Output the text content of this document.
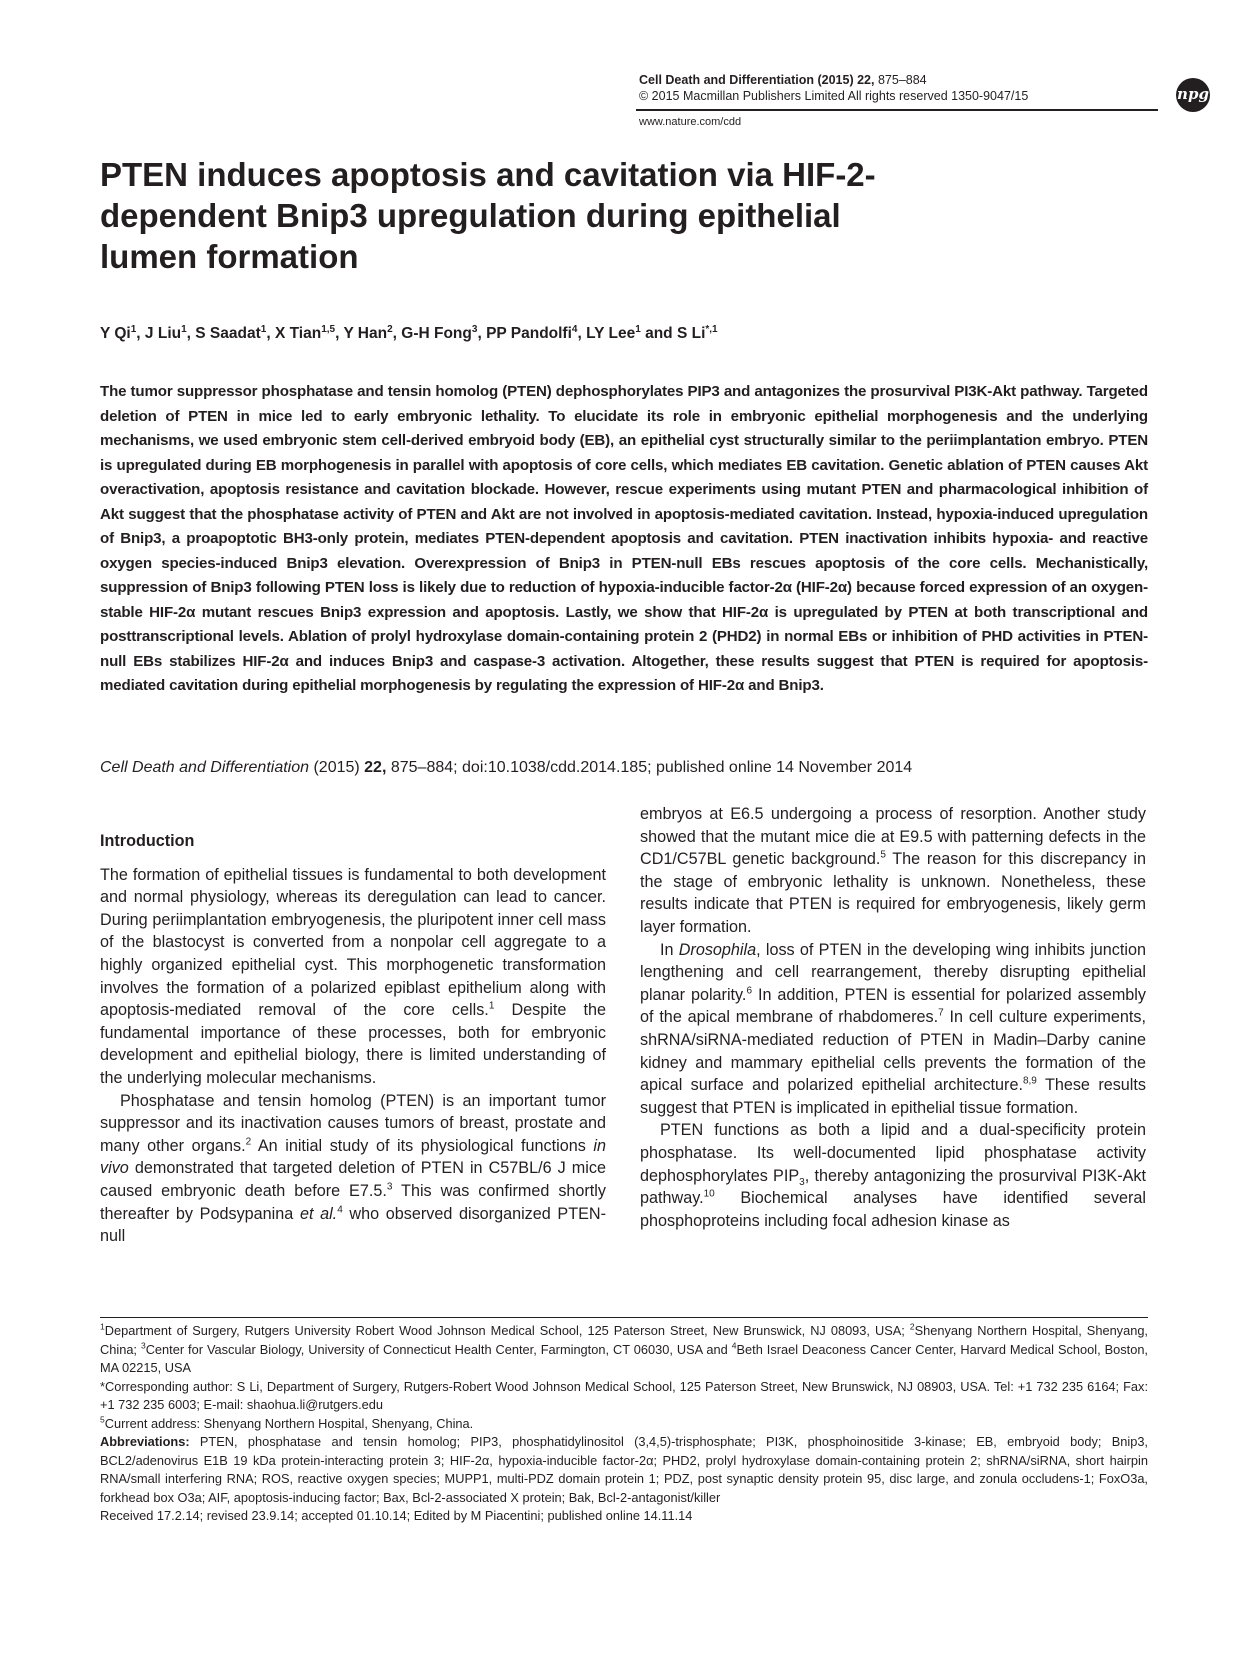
Cell Death and Differentiation (2015) 22, 875–884
© 2015 Macmillan Publishers Limited All rights reserved 1350-9047/15
www.nature.com/cdd
npg
PTEN induces apoptosis and cavitation via HIF-2-dependent Bnip3 upregulation during epithelial lumen formation
Y Qi$^1$, J Liu$^1$, S Saadat$^1$, X Tian$^{1,5}$, Y Han$^2$, G-H Fong$^3$, PP Pandolfi$^4$, LY Lee$^1$ and S $Li^{*,1}$

The tumor suppressor phosphatase and tensin homolog (PTEN) dephosphorylates PIP3 and antagonizes the prosurvival PI3K-Akt pathway. Targeted deletion of PTEN in mice led to early embryonic lethality. To elucidate its role in embryonic epithelial morphogenesis and the underlying mechanisms, we used embryonic stem cell-derived embryoid body (EB), an epithelial cyst structurally similar to the periimplantation embryo. PTEN is upregulated during EB morphogenesis in parallel with apoptosis of core cells, which mediates EB cavitation. Genetic ablation of PTEN causes Akt overactivation, apoptosis resistance and cavitation blockade. However, rescue experiments using mutant PTEN and pharmacological inhibition of Akt suggest that the phosphatase activity of PTEN and Akt are not involved in apoptosis-mediated cavitation. Instead, hypoxia-induced upregulation of Bnip3, a proapoptotic BH3-only protein, mediates PTEN-dependent apoptosis and cavitation. PTEN inactivation inhibits hypoxia- and reactive oxygen species-induced Bnip3 elevation. Overexpression of Bnip3 in PTEN-null EBs rescues apoptosis of the core cells. Mechanistically, suppression of Bnip3 following PTEN loss is likely due to reduction of hypoxia-inducible factor-2α (HIF-2α) because forced expression of an oxygen-stable HIF-2α mutant rescues Bnip3 expression and apoptosis. Lastly, we show that HIF-2α is upregulated by PTEN at both transcriptional and posttranscriptional levels. Ablation of prolyl hydroxylase domain-containing protein 2 (PHD2) in normal EBs or inhibition of PHD activities in PTEN-null EBs stabilizes HIF-2α and induces Bnip3 and caspase-3 activation. Altogether, these results suggest that PTEN is required for apoptosis-mediated cavitation during epithelial morphogenesis by regulating the expression of HIF-2α and Bnip3.

Cell Death and Differentiation (2015) 22, 875–884; doi:10.1038/cdd.2014.185; published online 14 November 2014

Introduction

The formation of epithelial tissues is fundamental to both development and normal physiology, whereas its deregulation can lead to cancer. During periimplantation embryogenesis, the pluripotent inner cell mass of the blastocyst is converted from a nonpolar cell aggregate to a highly organized epithelial cyst. This morphogenetic transformation involves the formation of a polarized epiblast epithelium along with apoptosis-mediated removal of the core cells.$^1$ Despite the fundamental importance of these processes, both for embryonic development and epithelial biology, there is limited understanding of the underlying molecular mechanisms.

Phosphatase and tensin homolog (PTEN) is an important tumor suppressor and its inactivation causes tumors of breast, prostate and many other organs.$^2$ An initial study of its physiological functions in vivo demonstrated that targeted deletion of PTEN in C57BL/6 J mice caused embryonic death before E7.5.$^3$ This was confirmed shortly thereafter by Podsypanina et al.$^4$ who observed disorganized PTEN-null

embryos at E6.5 undergoing a process of resorption. Another study showed that the mutant mice die at E9.5 with patterning defects in the CD1/C57BL genetic background.$^5$ The reason for this discrepancy in the stage of embryonic lethality is unknown. Nonetheless, these results indicate that PTEN is required for embryogenesis, likely germ layer formation.

In Drosophila, loss of PTEN in the developing wing inhibits junction lengthening and cell rearrangement, thereby disrupting epithelial planar polarity.$^6$ In addition, PTEN is essential for polarized assembly of the apical membrane of rhabdomeres.$^7$ In cell culture experiments, shRNA/siRNA-mediated reduction of PTEN in Madin–Darby canine kidney and mammary epithelial cells prevents the formation of the apical surface and polarized epithelial architecture.$^{8,9}$ These results suggest that PTEN is implicated in epithelial tissue formation.

PTEN functions as both a lipid and a dual-specificity protein phosphatase. Its well-documented lipid phosphatase activity dephosphorylates $PIP_3$, thereby antagonizing the prosurvival PI3K-Akt pathway.$^{10}$ Biochemical analyses have identified several phosphoproteins including focal adhesion kinase as

$^1$Department of Surgery, Rutgers University Robert Wood Johnson Medical School, 125 Paterson Street, New Brunswick, NJ 08093, USA; $^2$Shenyang Northern Hospital, Shenyang, China; $^3$Center for Vascular Biology, University of Connecticut Health Center, Farmington, CT 06030, USA and $^4$Beth Israel Deaconess Cancer Center, Harvard Medical School, Boston, MA 02215, USA

*Corresponding author: S Li, Department of Surgery, Rutgers-Robert Wood Johnson Medical School, 125 Paterson Street, New Brunswick, NJ 08903, USA. Tel: +1 732 235 6164; Fax: +1 732 235 6003; E-mail: shaohua.li@rutgers.edu

$^5$Current address: Shenyang Northern Hospital, Shenyang, China.

Abbreviations: PTEN, phosphatase and tensin homolog; PIP3, phosphatidylinositol (3,4,5)-trisphosphate; PI3K, phosphoinositide 3-kinase; EB, embryoid body; Bnip3, BCL2/adenovirus E1B 19 kDa protein-interacting protein 3; HIF-2α, hypoxia-inducible factor-2α; PHD2, prolyl hydroxylase domain-containing protein 2; shRNA/siRNA, short hairpin RNA/small interfering RNA; ROS, reactive oxygen species; MUPP1, multi-PDZ domain protein 1; PDZ, post synaptic density protein 95, disc large, and zonula occludens-1; FoxO3a, forkhead box O3a; AIF, apoptosis-inducing factor; Bax, Bcl-2-associated X protein; Bak, Bcl-2-antagonist/killer

Received 17.2.14; revised 23.9.14; accepted 01.10.14; Edited by M Piacentini; published online 14.11.14
